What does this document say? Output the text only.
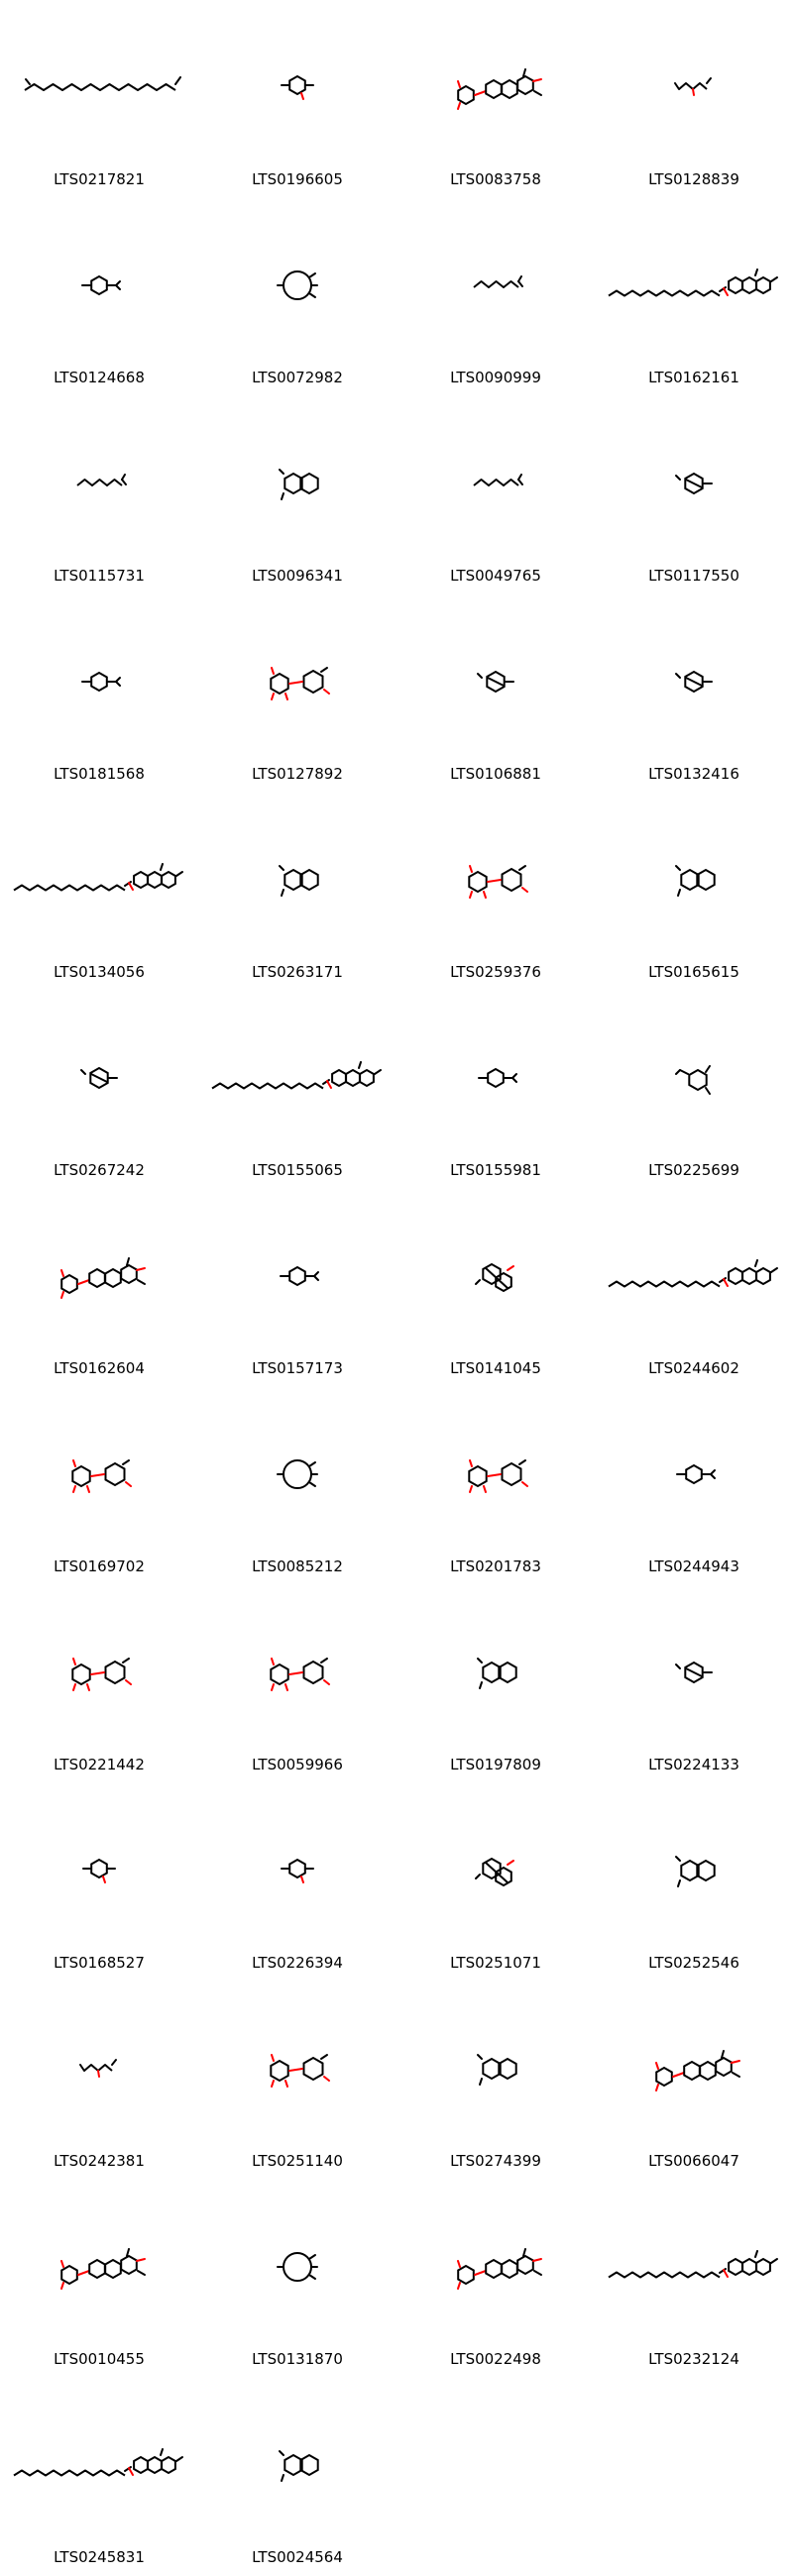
LTS0217821	LTS0196605	LTS0083758	LTS0128839
LTS0124668	LTS0072982	LTS0090999	LTS0162161
LTS0115731	LTS0096341	LTS0049765	LTS0117550
LTS0181568	LTS0127892	LTS0106881	LTS0132416
LTS0134056	LTS0263171	LTS0259376	LTS0165615
LTS0267242	LTS0155065	LTS0155981	LTS0225699
LTS0162604	LTS0157173	LTS0141045	LTS0244602
LTS0169702	LTS0085212	LTS0201783	LTS0244943
LTS0221442	LTS0059966	LTS0197809	LTS0224133
LTS0168527	LTS0226394	LTS0251071	LTS0252546
LTS0242381	LTS0251140	LTS0274399	LTS0066047
LTS0010455	LTS0131870	LTS0022498	LTS0232124
LTS0245831	LTS0024564
